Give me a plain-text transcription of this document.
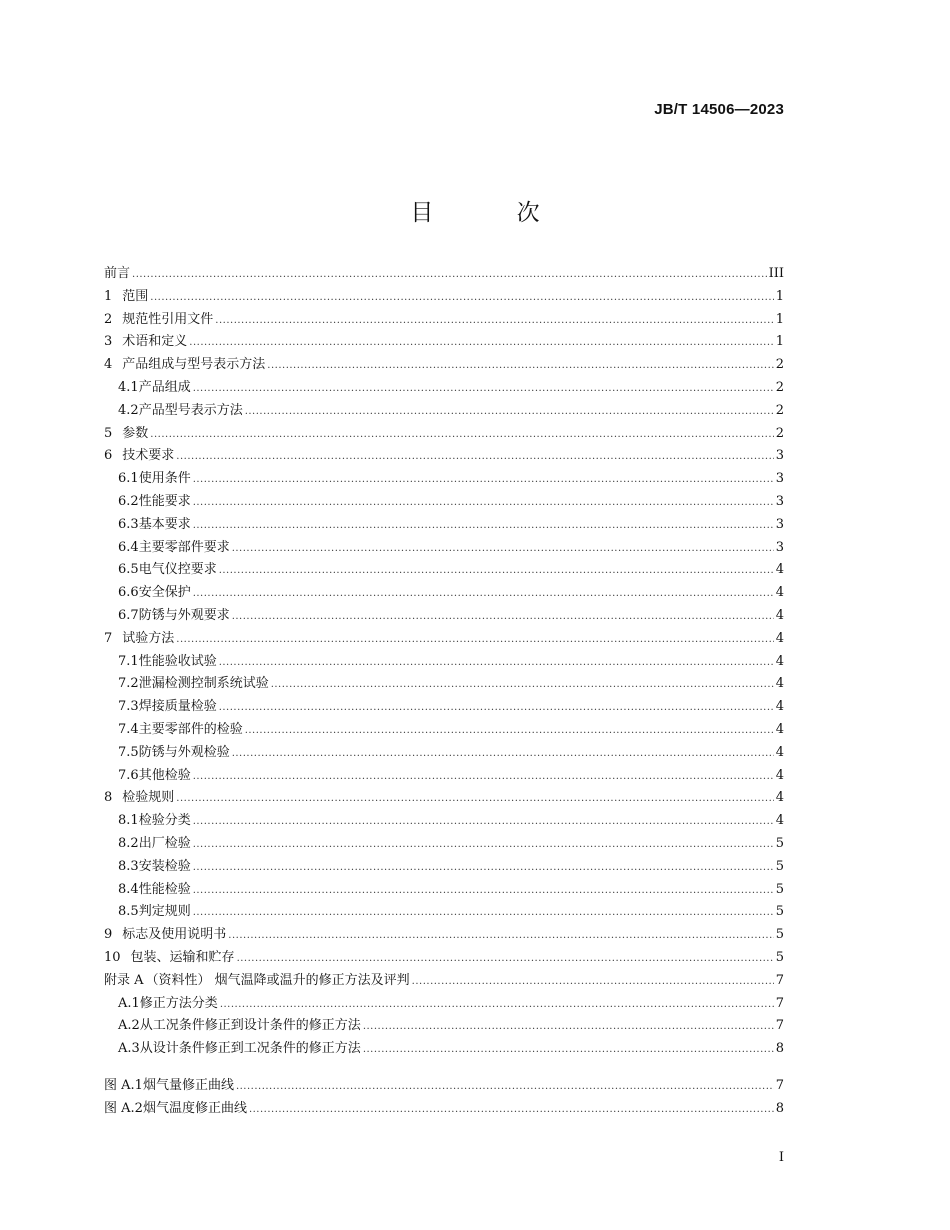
JB/T 14506—2023
目 次
前言 .....	III
1 范围 .....	1
2 规范性引用文件 .....	1
3 术语和定义 .....	1
4 产品组成与型号表示方法 .....	2
4.1 产品组成 .....	2
4.2 产品型号表示方法 .....	2
5 参数 .....	2
6 技术要求 .....	3
6.1 使用条件 .....	3
6.2 性能要求 .....	3
6.3 基本要求 .....	3
6.4 主要零部件要求 .....	3
6.5 电气仪控要求 .....	4
6.6 安全保护 .....	4
6.7 防锈与外观要求 .....	4
7 试验方法 .....	4
7.1 性能验收试验 .....	4
7.2 泄漏检测控制系统试验 .....	4
7.3 焊接质量检验 .....	4
7.4 主要零部件的检验 .....	4
7.5 防锈与外观检验 .....	4
7.6 其他检验 .....	4
8 检验规则 .....	4
8.1 检验分类 .....	4
8.2 出厂检验 .....	5
8.3 安装检验 .....	5
8.4 性能检验 .....	5
8.5 判定规则 .....	5
9 标志及使用说明书 .....	5
10 包装、运输和贮存 .....	5
附录 A （资料性） 烟气温降或温升的修正方法及评判 .....	7
A.1 修正方法分类 .....	7
A.2 从工况条件修正到设计条件的修正方法 .....	7
A.3 从设计条件修正到工况条件的修正方法 .....	8
图 A.1 烟气量修正曲线 .....	7
图 A.2 烟气温度修正曲线 .....	8
I
